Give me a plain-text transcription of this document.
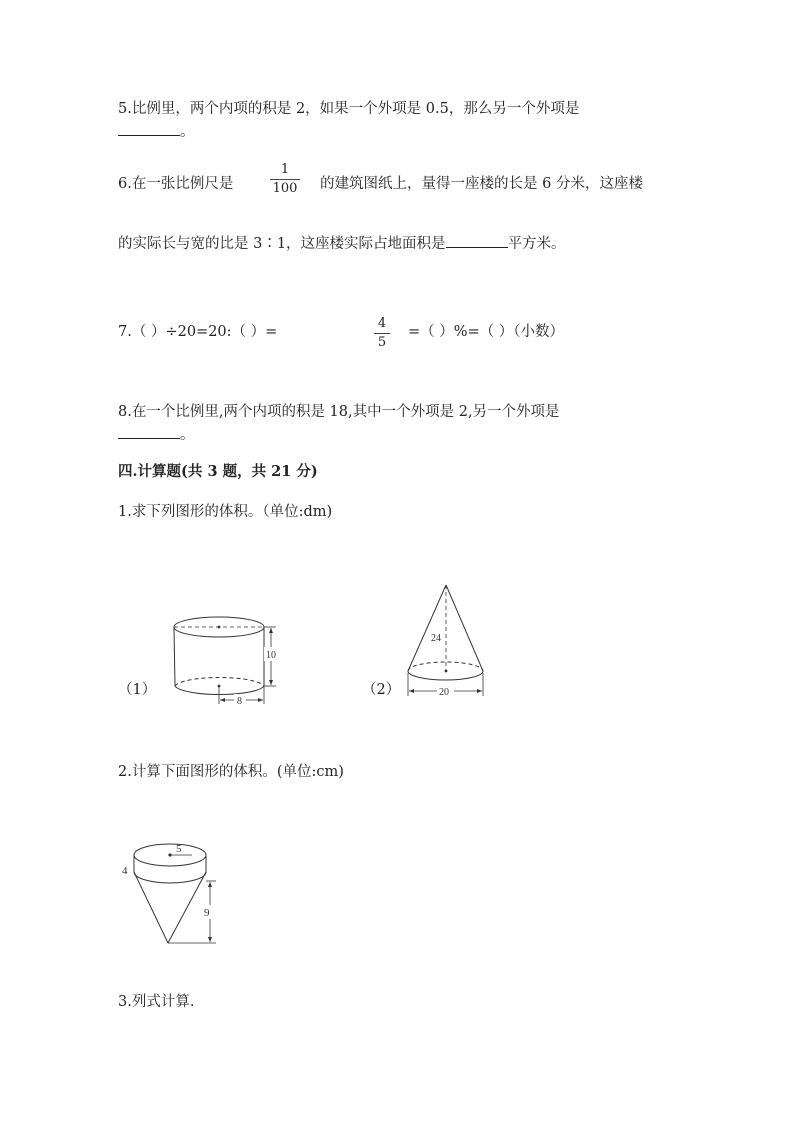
5.比例里，两个内项的积是 2，如果一个外项是 0.5，那么另一个外项是
。
6.在一张比例尺是
1
100 的建筑图纸上，量得一座楼的长是 6 分米，这座楼
的实际长与宽的比是 3∶1，这座楼实际占地面积是	平方米。
7.（ ）÷20=20:（ ）=
4
5
=（ ）%=（ ）（小数）
8.在一个比例里,两个内项的积是 18,其中一个外项是 2,另一个外项是
。
四.计算题(共 3 题，共 21 分)
1.求下列图形的体积。（单位:dm)
（1）
10
8
（2）
24
20
2.计算下面图形的体积。(单位:cm)
5
4
9
3.列式计算.
